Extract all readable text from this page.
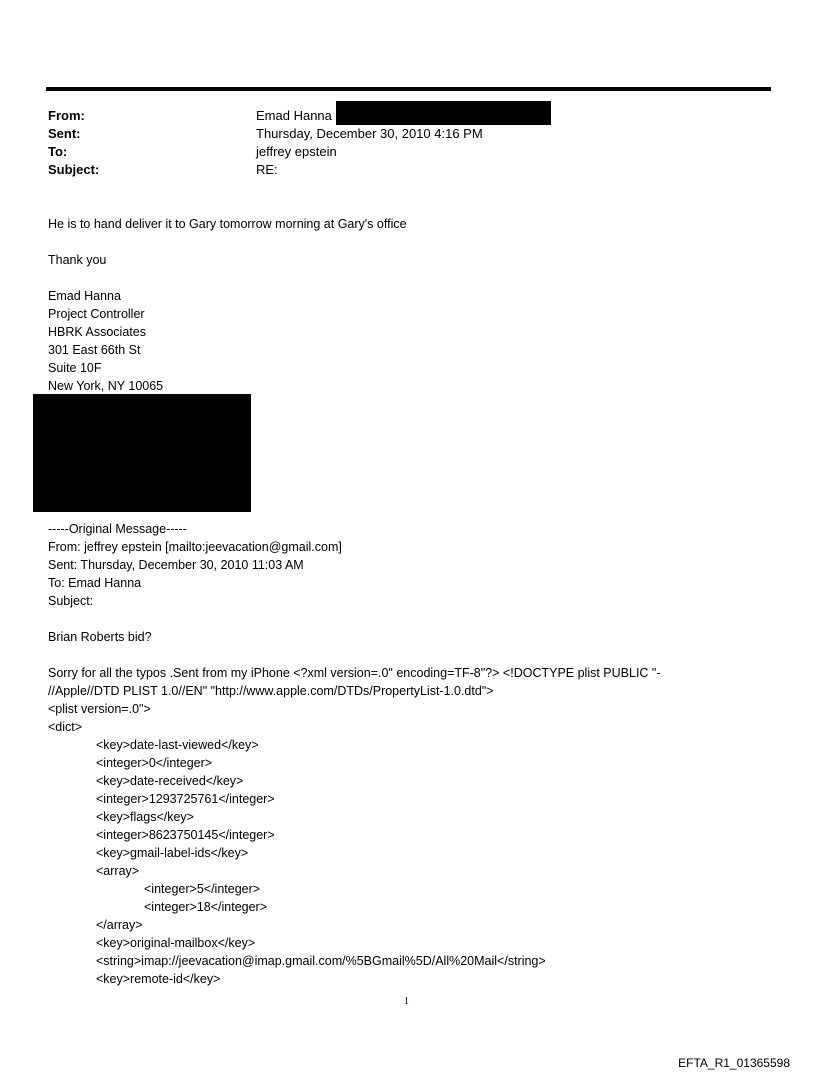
From:	Emad Hanna
Sent:	Thursday, December 30, 2010 4:16 PM
To:	jeffrey epstein
Subject:	RE:
He is to hand deliver it to Gary tomorrow morning at Gary's office
Thank you
Emad Hanna
Project Controller
HBRK Associates
301 East 66th St
Suite 10F
New York, NY 10065
-----Original Message-----
From: jeffrey epstein [mailto:jeevacation@gmail.com]
Sent: Thursday, December 30, 2010 11:03 AM
To: Emad Hanna
Subject:
Brian Roberts bid?
Sorry for all the typos .Sent from my iPhone <?xml version=.0" encoding=TF-8"?> <!DOCTYPE plist PUBLIC "-
//Apple//DTD PLIST 1.0//EN" "http://www.apple.com/DTDs/PropertyList-1.0.dtd">
<plist version=.0">
<dict>
<key>date-last-viewed</key>
<integer>0</integer>
<key>date-received</key>
<integer>1293725761</integer>
<key>flags</key>
<integer>8623750145</integer>
<key>gmail-label-ids</key>
<array>
<integer>5</integer>
<integer>18</integer>
</array>
<key>original-mailbox</key>
<string>imap://jeevacation@imap.gmail.com/%5BGmail%5D/All%20Mail</string>
<key>remote-id</key>
1
EFTA_R1_01365598
